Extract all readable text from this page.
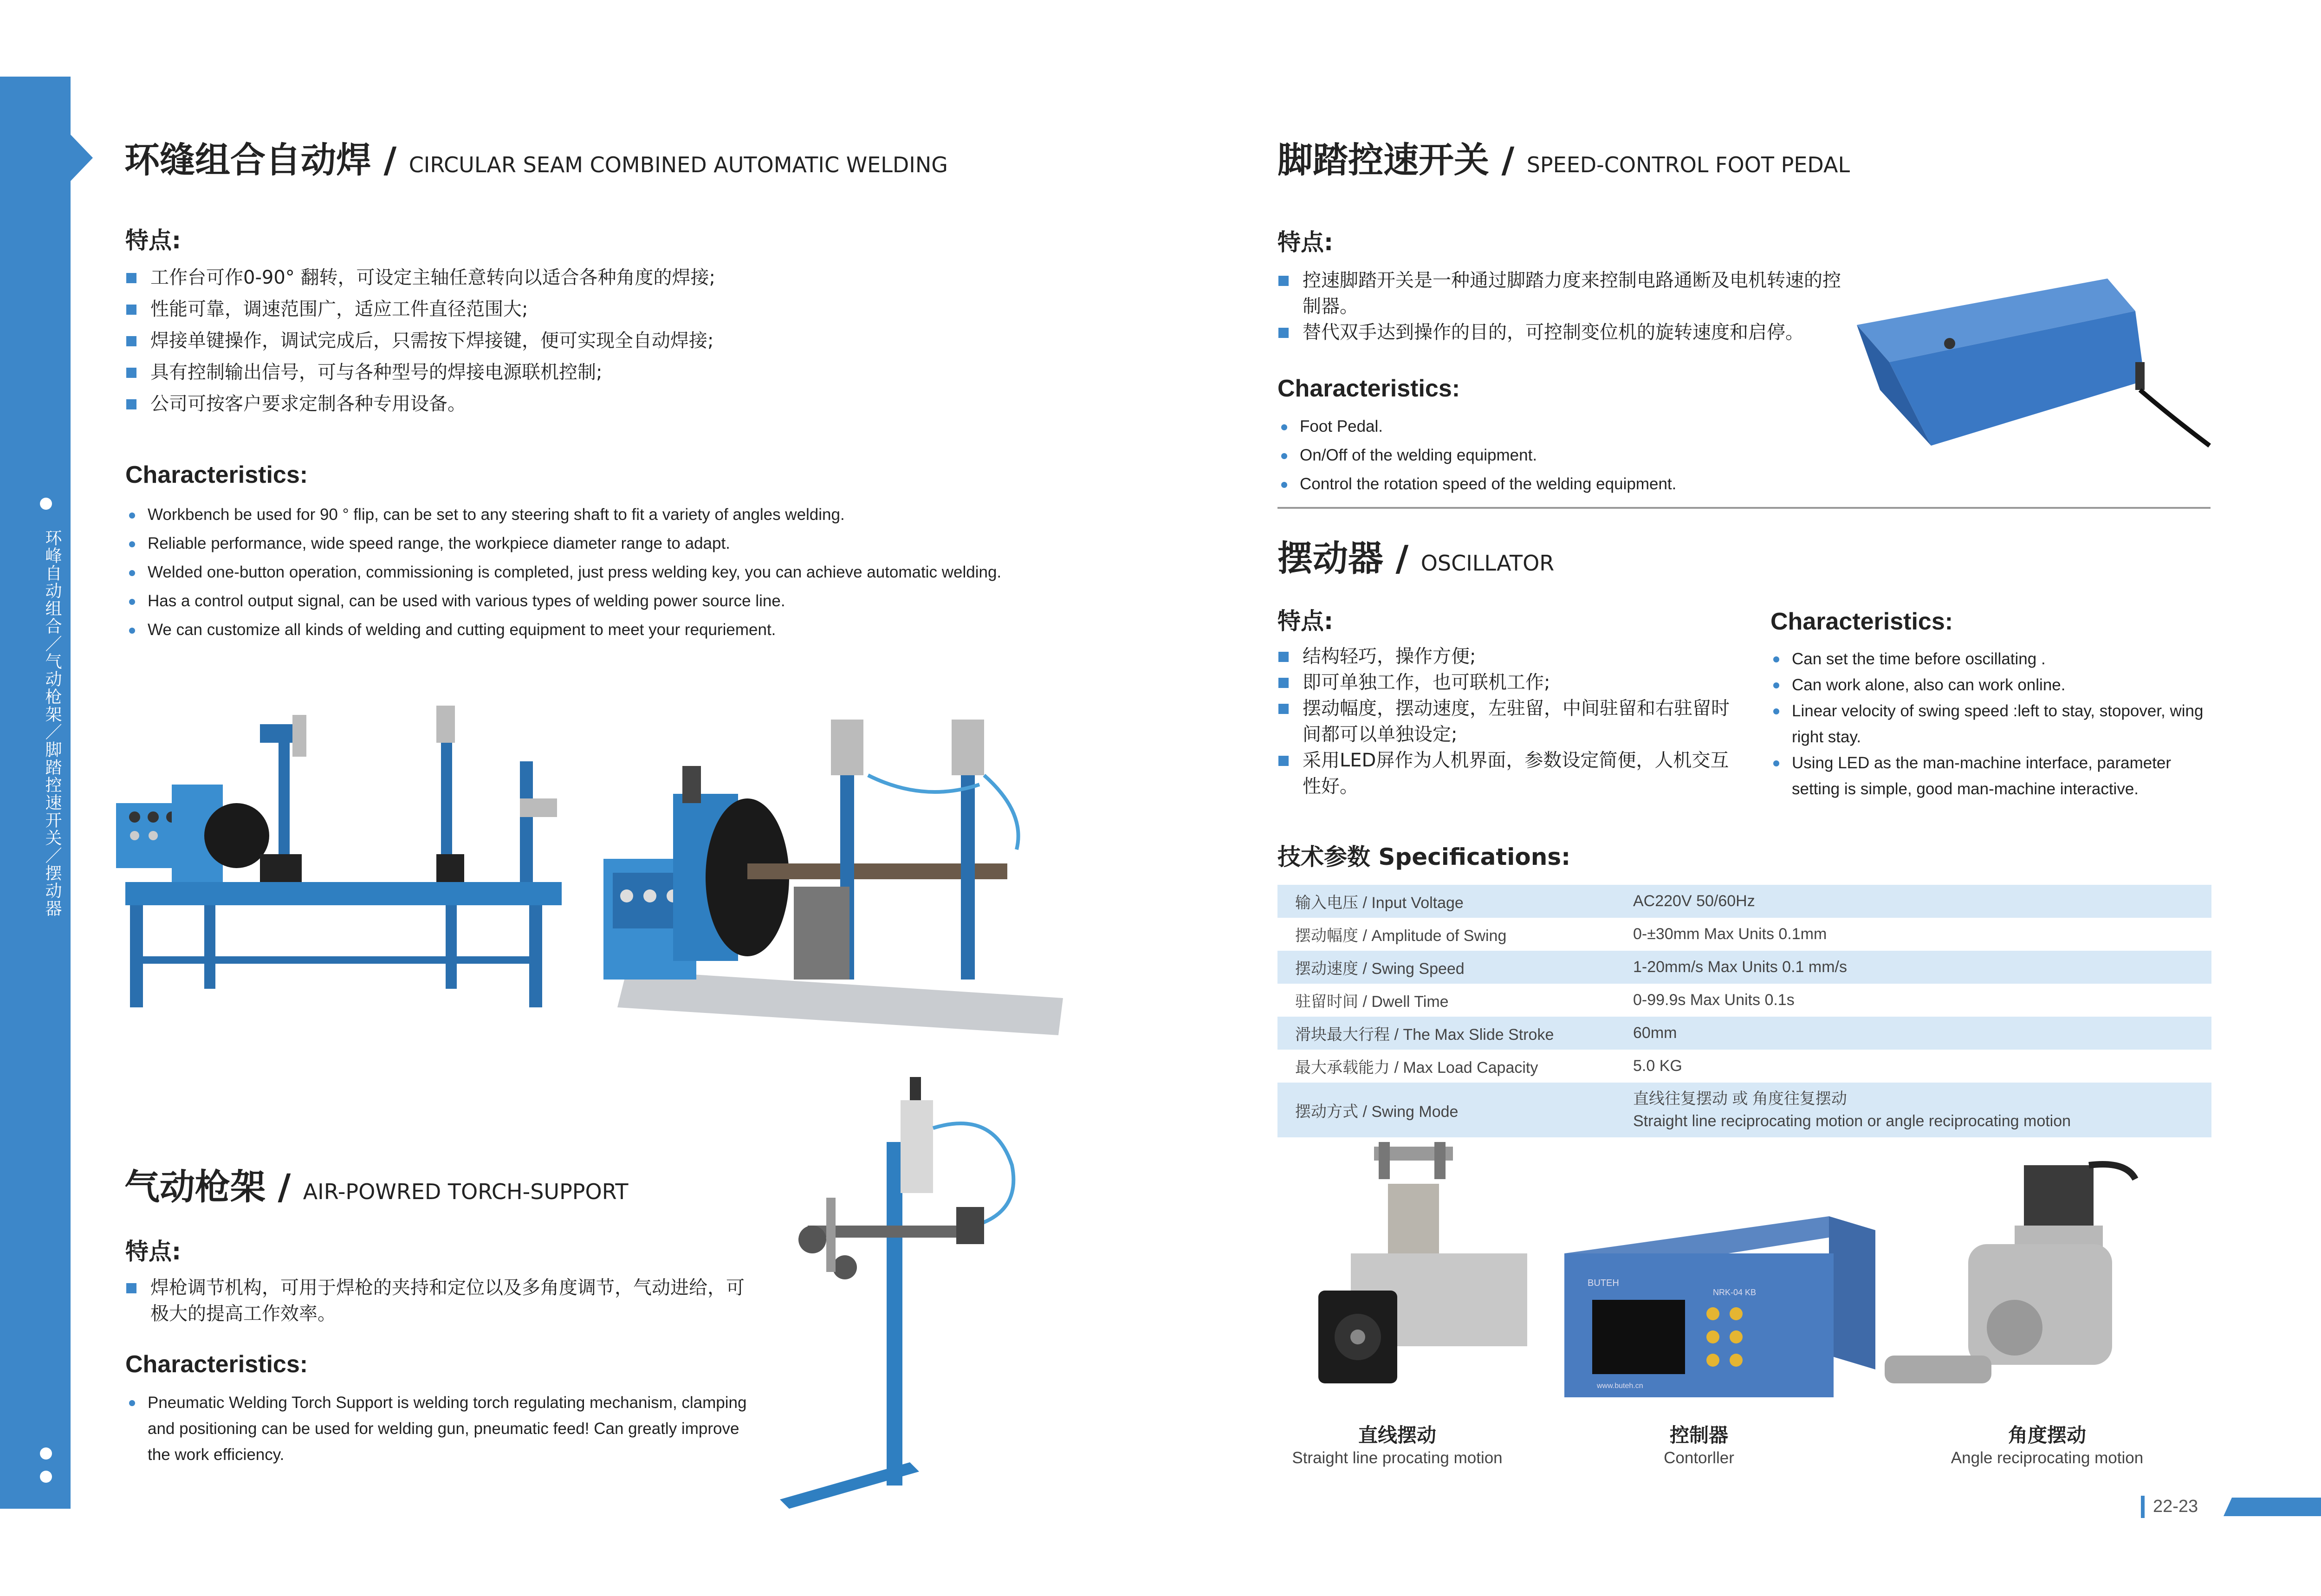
环峰自动组合／气动枪架／脚踏控速开关／摆动器
环缝组合自动焊 / CIRCULAR SEAM COMBINED AUTOMATIC WELDING
特点:
工作台可作0-90° 翻转，可设定主轴任意转向以适合各种角度的焊接;
性能可靠，调速范围广，适应工件直径范围大;
焊接单键操作，调试完成后，只需按下焊接键，便可实现全自动焊接;
具有控制输出信号，可与各种型号的焊接电源联机控制;
公司可按客户要求定制各种专用设备。
Characteristics:
Workbench be used for 90 ° flip, can be set to any steering shaft to fit a variety of angles welding.
Reliable performance, wide speed range, the workpiece diameter range to adapt.
Welded one-button operation, commissioning is completed, just press welding key, you can achieve automatic welding.
Has a control output signal, can be used with various types of welding power source line.
We can customize all kinds of welding and cutting equipment to meet your requriement.
气动枪架 / AIR-POWRED TORCH-SUPPORT
特点:
焊枪调节机构，可用于焊枪的夹持和定位以及多角度调节，气动进给，可极大的提高工作效率。
Characteristics:
Pneumatic Welding Torch Support is welding torch regulating mechanism, clamping and positioning can be used for welding gun, pneumatic feed! Can greatly improve the work efficiency.
脚踏控速开关 / SPEED-CONTROL FOOT PEDAL
特点:
控速脚踏开关是一种通过脚踏力度来控制电路通断及电机转速的控制器。
替代双手达到操作的目的，可控制变位机的旋转速度和启停。
Characteristics:
Foot Pedal.
On/Off of the welding equipment.
Control the rotation speed of the welding equipment.
摆动器 / OSCILLATOR
特点:
结构轻巧，操作方便;
即可单独工作，也可联机工作;
摆动幅度，摆动速度，左驻留，中间驻留和右驻留时间都可以单独设定;
采用LED屏作为人机界面，参数设定简便，人机交互性好。
Characteristics:
Can set the time before oscillating .
Can work alone, also can work online.
Linear velocity of swing speed :left to stay, stopover, wing right stay.
Using LED as the man-machine interface, parameter setting is simple, good man-machine interactive.
技术参数 Specifications:
输入电压 / Input Voltage	AC220V 50/60Hz
摆动幅度 / Amplitude of Swing	0-±30mm Max Units 0.1mm
摆动速度 / Swing Speed	1-20mm/s Max Units 0.1 mm/s
驻留时间 / Dwell Time	0-99.9s Max Units 0.1s
滑块最大行程 / The Max Slide Stroke	60mm
最大承载能力 / Max Load Capacity	5.0 KG
摆动方式 / Swing Mode	直线往复摆动 或 角度往复摆动
Straight line reciprocating motion or angle reciprocating motion
BUTEH
NRK-04 KB
www.buteh.cn
直线摆动
Straight line procating motion
控制器
Contorller
角度摆动
Angle reciprocating motion
22-23
